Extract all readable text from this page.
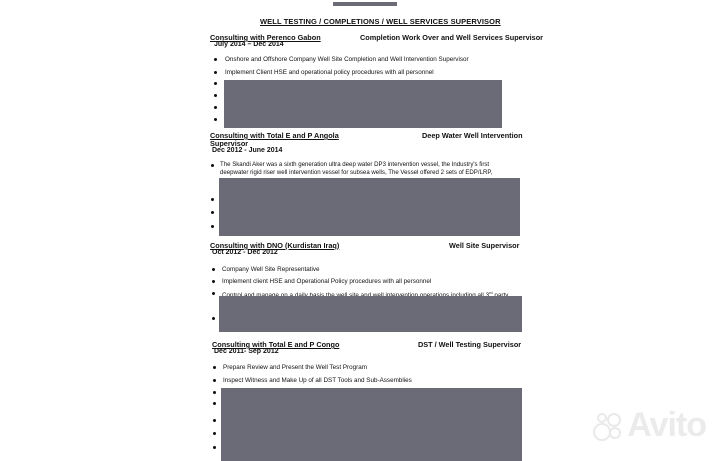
WELL TESTING / COMPLETIONS / WELL SERVICES SUPERVISOR
Consulting with Perenco Gabon	Completion Work Over and Well Services Supervisor
July 2014 – Dec 2014
Onshore and Offshore Company Well Site Completion and Well Intervention Supervisor
Implement Client HSE and operational policy procedures with all personnel
Consulting with Total E and P Angola	Deep Water Well Intervention
Supervisor
Dec 2012 - June 2014
The Skandi Aker was a sixth generation ultra deep water DP3 intervention vessel, the Industry's first
deepwater rigid riser well intervention vessel for subsea wells, The Vessel offered 2 sets of EDP/LRP,
Consulting with DNO (Kurdistan Iraq)	Well Site Supervisor
Oct 2012 - Dec 2012
Company Well Site Representative
Implement client HSE and Operational Policy procedures with all personnel
$^{rd}$
Consulting with Total E and P Congo	DST / Well Testing Supervisor
Dec 2011- Sep 2012
Prepare Review and Present the Well Test Program
Inspect Witness and Make Up of all DST Tools and Sub-Assemblies
Avito
